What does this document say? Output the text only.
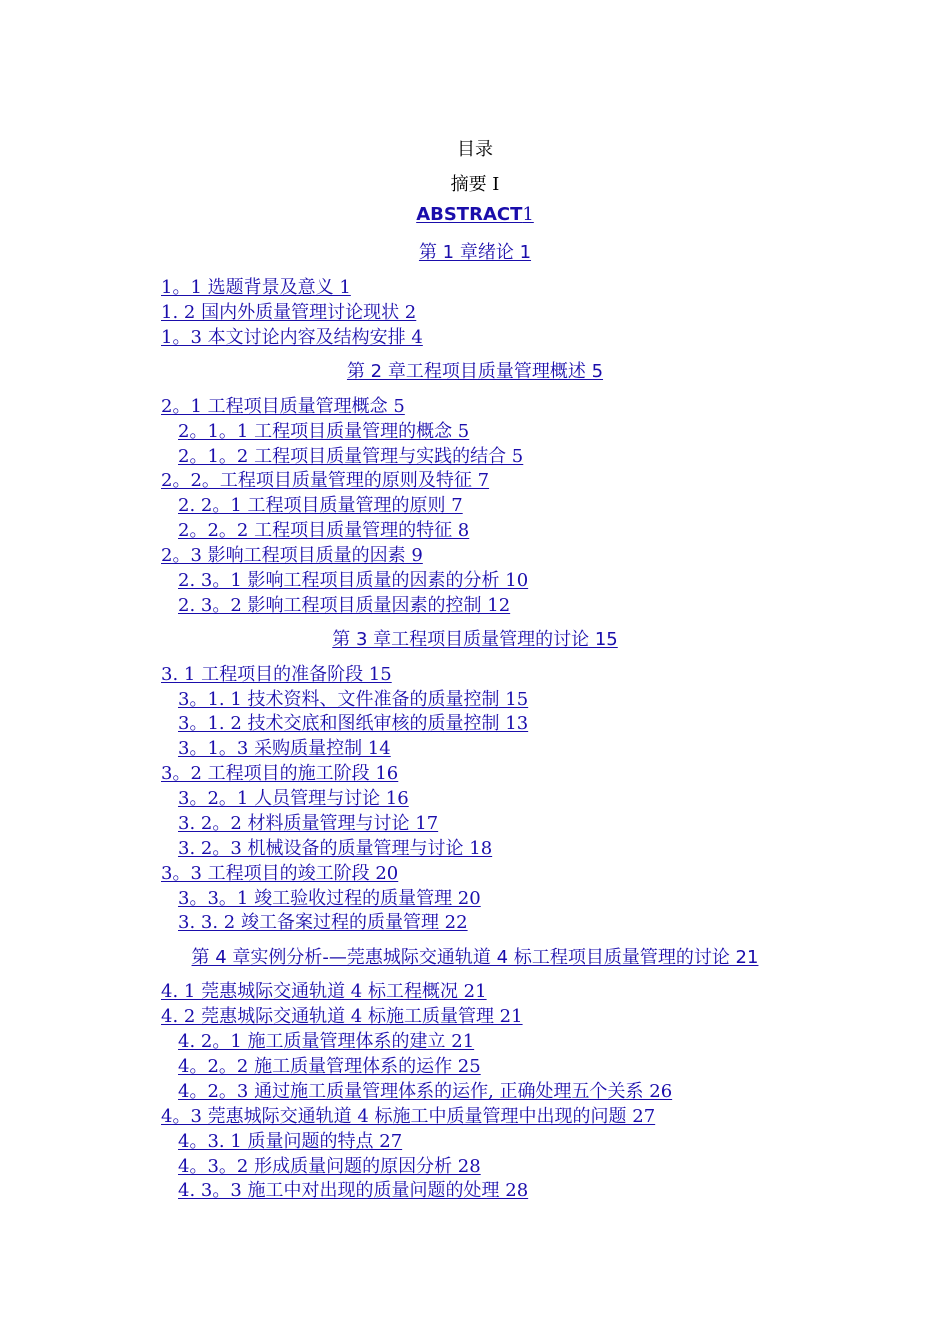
目录
摘要 I
ABSTRACT1
第 1 章绪论 1
1。1 选题背景及意义 1
1. 2 国内外质量管理讨论现状 2
1。3 本文讨论内容及结构安排 4
第 2 章工程项目质量管理概述 5
2。1 工程项目质量管理概念 5
2。1。1 工程项目质量管理的概念 5
2。1。2 工程项目质量管理与实践的结合 5
2。2。工程项目质量管理的原则及特征 7
2. 2。1 工程项目质量管理的原则 7
2。2。2 工程项目质量管理的特征 8
2。3 影响工程项目质量的因素 9
2. 3。1 影响工程项目质量的因素的分析 10
2. 3。2 影响工程项目质量因素的控制 12
第 3 章工程项目质量管理的讨论 15
3. 1 工程项目的准备阶段 15
3。1. 1 技术资料、文件准备的质量控制 15
3。1. 2 技术交底和图纸审核的质量控制 13
3。1。3 采购质量控制 14
3。2 工程项目的施工阶段 16
3。2。1 人员管理与讨论 16
3. 2。2 材料质量管理与讨论 17
3. 2。3 机械设备的质量管理与讨论 18
3。3 工程项目的竣工阶段 20
3。3。1 竣工验收过程的质量管理 20
3. 3. 2 竣工备案过程的质量管理 22
第 4 章实例分析-—莞惠城际交通轨道 4 标工程项目质量管理的讨论 21
4. 1 莞惠城际交通轨道 4 标工程概况 21
4. 2 莞惠城际交通轨道 4 标施工质量管理 21
4. 2。1 施工质量管理体系的建立 21
4。2。2 施工质量管理体系的运作 25
4。2。3 通过施工质量管理体系的运作, 正确处理五个关系 26
4。3 莞惠城际交通轨道 4 标施工中质量管理中出现的问题 27
4。3. 1 质量问题的特点 27
4。3。2 形成质量问题的原因分析 28
4. 3。3 施工中对出现的质量问题的处理 28
